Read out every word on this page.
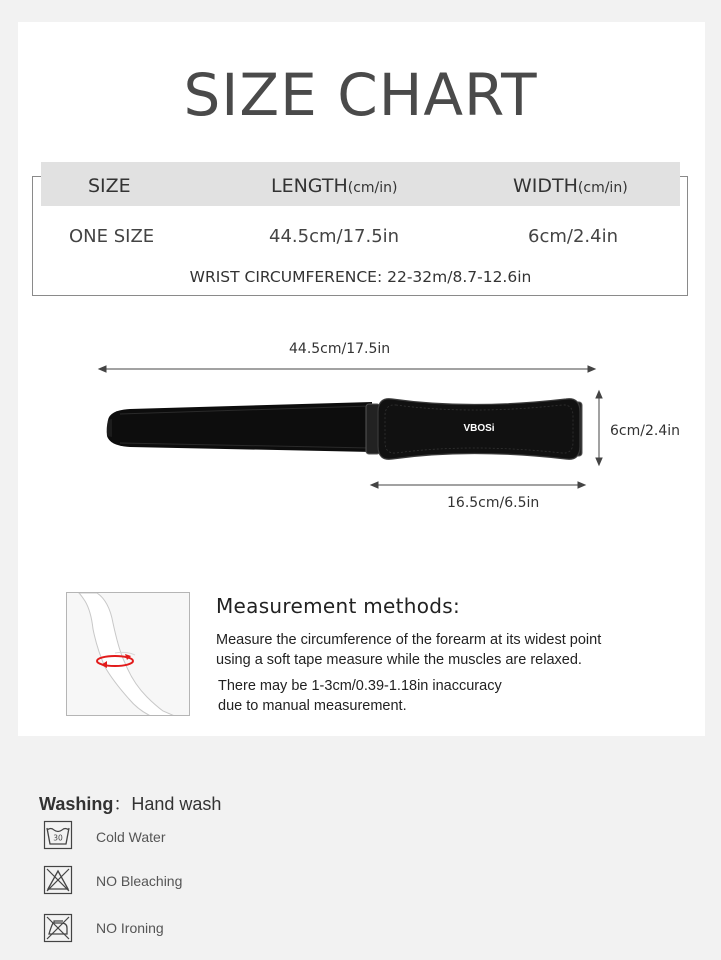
SIZE CHART
SIZE	LENGTH(cm/in)	WIDTH(cm/in)
ONE SIZE	44.5cm/17.5in	6cm/2.4in
WRIST CIRCUMFERENCE: 22-32m/8.7-12.6in
44.5cm/17.5in
6cm/2.4in
16.5cm/6.5in
VBOSi
Measurement methods:
Measure the circumference of the forearm at its widest point
using a soft tape measure while the muscles are relaxed.
There may be 1-3cm/0.39-1.18in inaccuracy
due to manual measurement.
Washing：Hand wash
30 Cold Water
NO Bleaching
NO Ironing
